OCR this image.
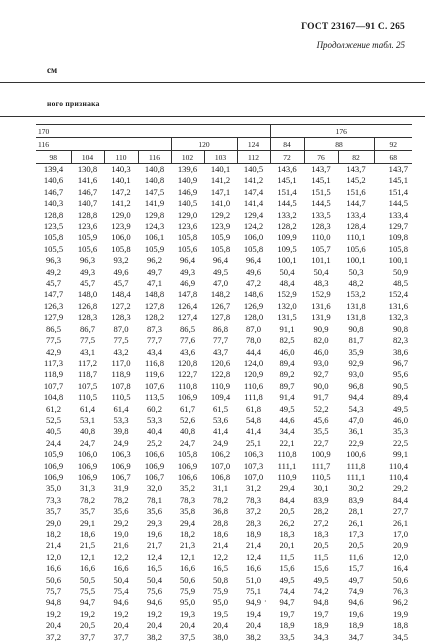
ГОСТ 23167—91 С. 265
Продолжение табл. 25
см
ного признака
170							176			
116				120		124	84	88		92
98	104	110	116	102	103	112	72	76	82	68
139,4	130,8	140,3	140,8	139,6	140,1	140,5	143,6	143,7	143,7	143,7
140,6	141,6	140,1	140,8	140,9	141,2	141,2	145,1	145,1	145,2	145,1
146,7	146,7	147,2	147,5	146,9	147,1	147,4	151,4	151,5	151,6	151,4
140,3	140,7	141,2	141,9	140,5	141,0	141,4	144,5	144,5	144,7	144,5
128,8	128,8	129,0	129,8	129,0	129,2	129,4	133,2	133,5	133,4	133,4
123,5	123,6	123,9	124,3	123,6	123,9	124,2	128,2	128,3	128,4	129,7
105,8	105,9	106,0	106,1	105,8	105,9	106,0	109,9	110,0	110,1	109,8
105,5	105,6	105,8	105,9	105,6	105,8	105,8	109,5	105,7	105,6	105,8
96,3	96,3	93,2	96,2	96,4	96,4	96,4	100,1	101,1	100,1	100,1
49,2	49,3	49,6	49,7	49,3	49,5	49,6	50,4	50,4	50,3	50,9
45,7	45,7	45,7	47,1	46,9	47,0	47,2	48,4	48,3	48,2	48,5
147,7	148,0	148,4	148,8	147,8	148,2	148,6	152,9	152,9	153,2	152,4
126,3	126,8	127,2	127,8	126,4	126,7	126,9	132,0	131,6	131,8	131,6
127,9	128,3	128,3	128,2	127,4	127,8	128,0	131,5	131,9	131,8	132,3
86,5	86,7	87,0	87,3	86,5	86,8	87,0	91,1	90,9	90,8	90,8
77,5	77,5	77,5	77,7	77,6	77,7	78,0	82,5	82,0	81,7	82,3
42,9	43,1	43,2	43,4	43,6	43,7	44,4	46,0	46,0	35,9	38,6
117,3	117,2	117,0	116,8	120,8	120,6	124,0	89,4	93,0	92,9	96,7
118,9	118,7	118,9	119,6	122,7	122,8	120,9	89,2	92,7	93,0	95,6
107,7	107,5	107,8	107,6	110,8	110,9	110,6	89,7	90,0	96,8	90,5
104,8	110,5	110,5	113,5	106,9	109,4	111,8	91,4	91,7	94,4	89,4
61,2	61,4	61,4	60,2	61,7	61,5	61,8	49,5	52,2	54,3	49,5
52,5	53,1	53,3	53,3	52,6	53,6	54,8	44,6	45,6	47,0	46,0
40,5	40,8	39,8	40,4	40,8	41,4	41,4	34,4	35,5	36,1	35,3
24,4	24,7	24,9	25,2	24,7	24,9	25,1	22,1	22,7	22,9	22,5
105,9	106,0	106,3	106,6	105,8	106,2	106,3	110,8	100,9	100,6	99,1
106,9	106,9	106,9	106,9	106,9	107,0	107,3	111,1	111,7	111,8	110,4
106,9	106,9	106,7	106,7	106,6	106,8	107,0	110,9	110,5	111,1	110,4
35,0	31,3	31,9	32,0	35,2	31,1	31,2	29,4	30,1	30,2	29,2
73,3	78,2	78,2	78,1	78,3	78,2	78,3	84,4	83,9	83,9	84,4
35,7	35,7	35,6	35,6	35,8	36,8	37,2	20,5	28,2	28,1	27,7
29,0	29,1	29,2	29,3	29,4	28,8	28,3	26,2	27,2	26,1	26,1
18,2	18,6	19,0	19,6	18,2	18,6	18,9	18,3	18,3	17,3	17,0
21,4	21,5	21,6	21,7	21,3	21,4	21,4	20,1	20,5	20,5	20,9
12,0	12,1	12,2	12,4	12,1	12,2	12,4	11,5	11,5	11,6	12,0
16,6	16,6	16,6	16,5	16,6	16,5	16,6	15,6	15,6	15,7	16,4
50,6	50,5	50,4	50,4	50,6	50,8	51,0	49,5	49,5	49,7	50,6
75,7	75,5	75,4	75,6	75,9	75,9	75,1	74,4	74,2	74,9	76,3
94,8	94,7	94,6	94,6	95,0	95,0	94,9	94,7	94,8	94,6	96,2
19,2	19,2	19,2	19,2	19,3	19,5	19,4	19,7	19,7	19,6	19,9
20,4	20,5	20,4	20,4	20,4	20,4	20,4	18,9	18,9	18,9	18,8
37,2	37,7	37,7	38,2	37,5	38,0	38,2	33,5	34,3	34,7	34,5
·
